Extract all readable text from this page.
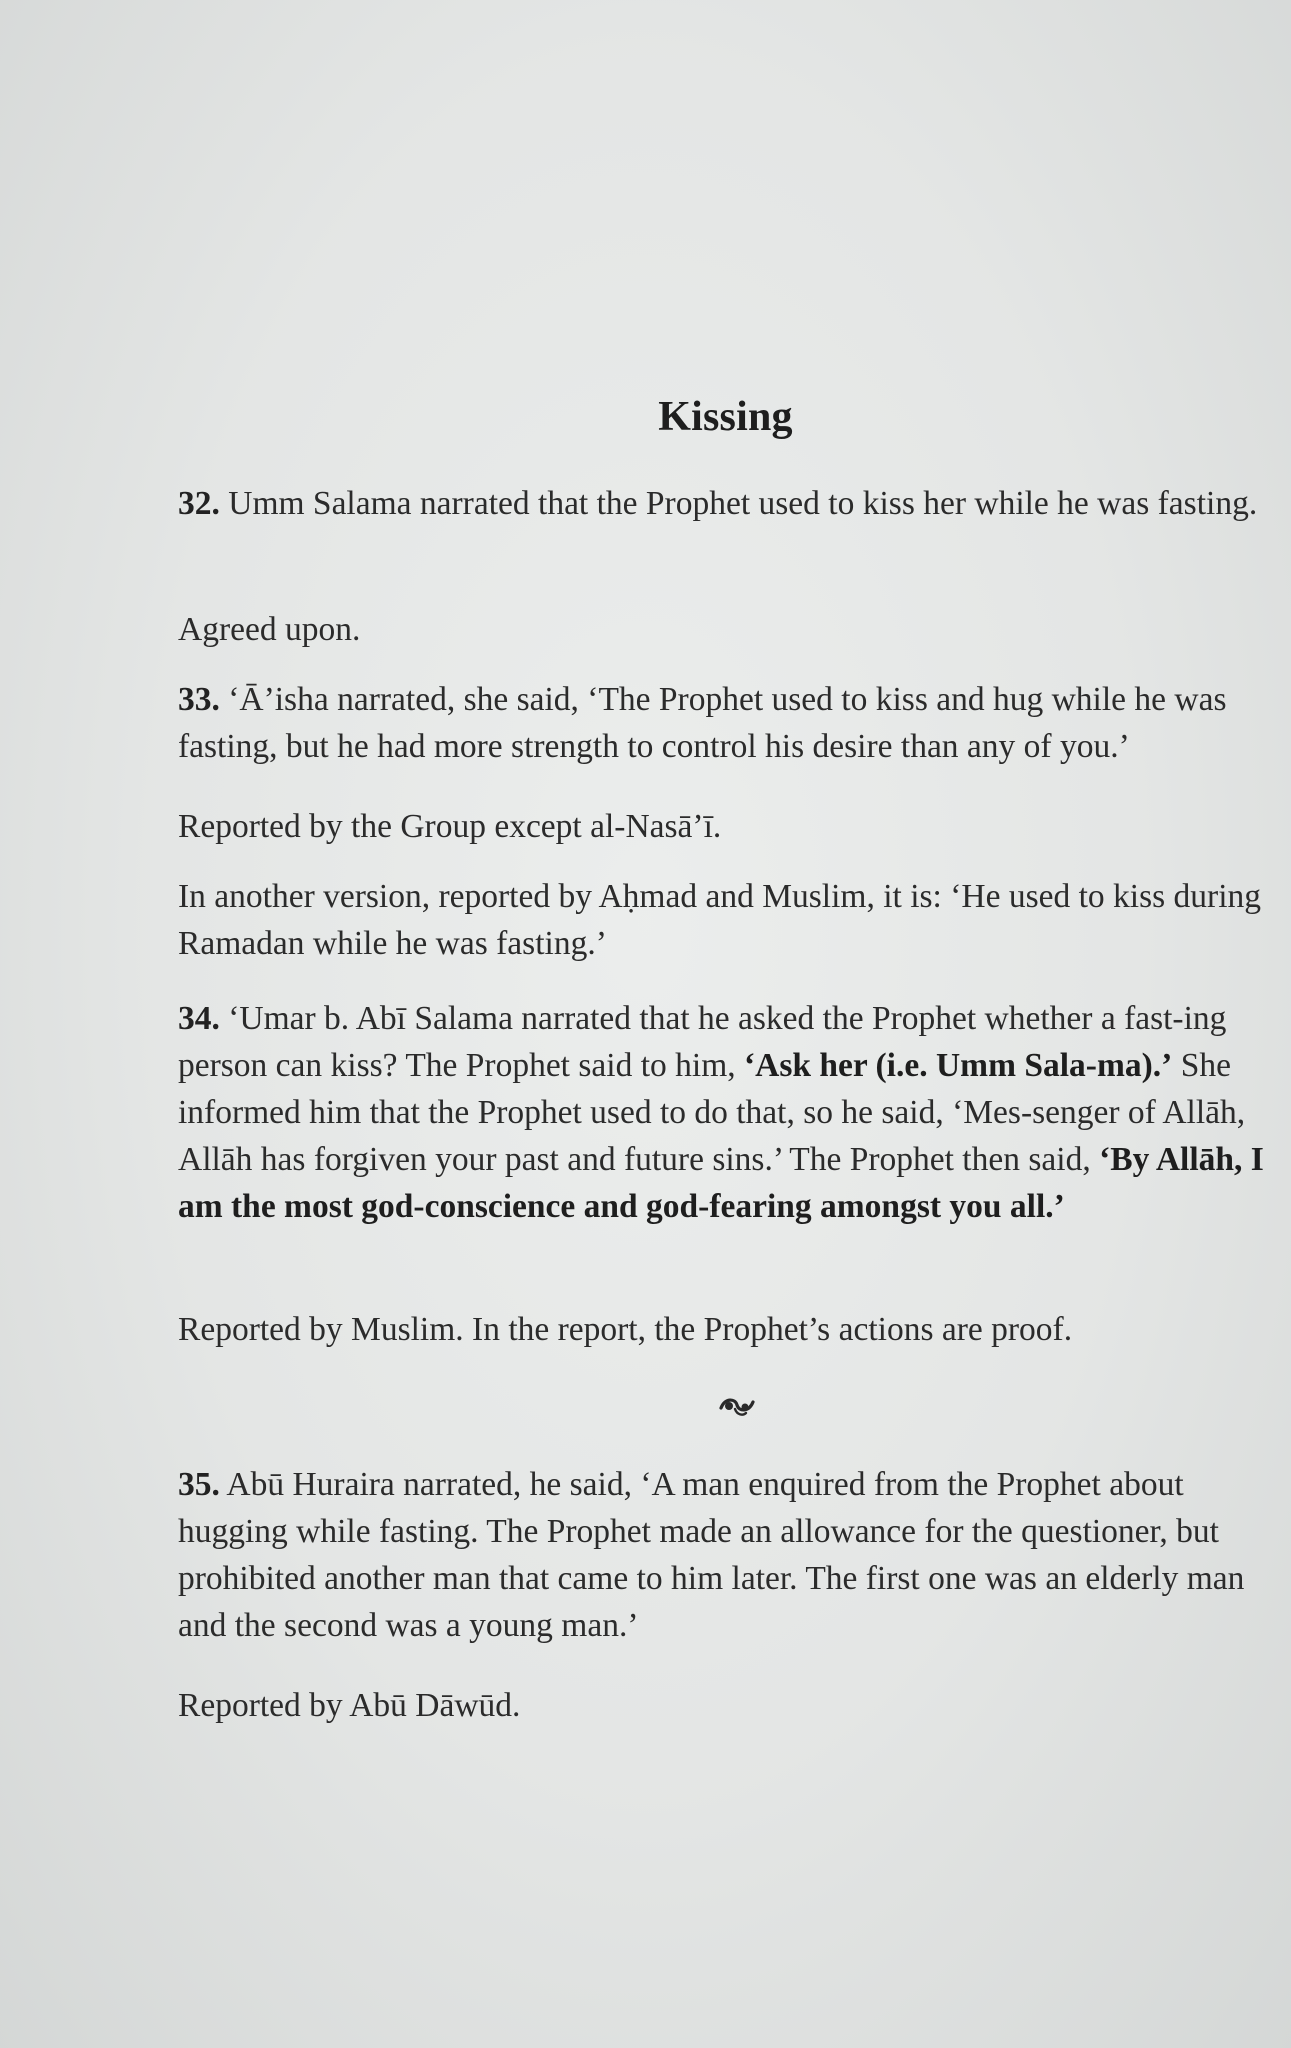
Kissing

32. Umm Salama narrated that the Prophet used to kiss her while he was fasting.

Agreed upon.

33. ‘Ā’isha narrated, she said, ‘The Prophet used to kiss and hug while he was fasting, but he had more strength to control his desire than any of you.’

Reported by the Group except al-Nasā’ī.

In another version, reported by Aḥmad and Muslim, it is: ‘He used to kiss during Ramadan while he was fasting.’

34. ‘Umar b. Abī Salama narrated that he asked the Prophet whether a fast-ing person can kiss? The Prophet said to him, ‘Ask her (i.e. Umm Sala-ma).’ She informed him that the Prophet used to do that, so he said, ‘Mes-senger of Allāh, Allāh has forgiven your past and future sins.’ The Prophet then said, ‘By Allāh, I am the most god-conscience and god-fearing amongst you all.’

Reported by Muslim. In the report, the Prophet’s actions are proof.

35. Abū Huraira narrated, he said, ‘A man enquired from the Prophet about hugging while fasting. The Prophet made an allowance for the questioner, but prohibited another man that came to him later. The first one was an elderly man and the second was a young man.’

Reported by Abū Dāwūd.
